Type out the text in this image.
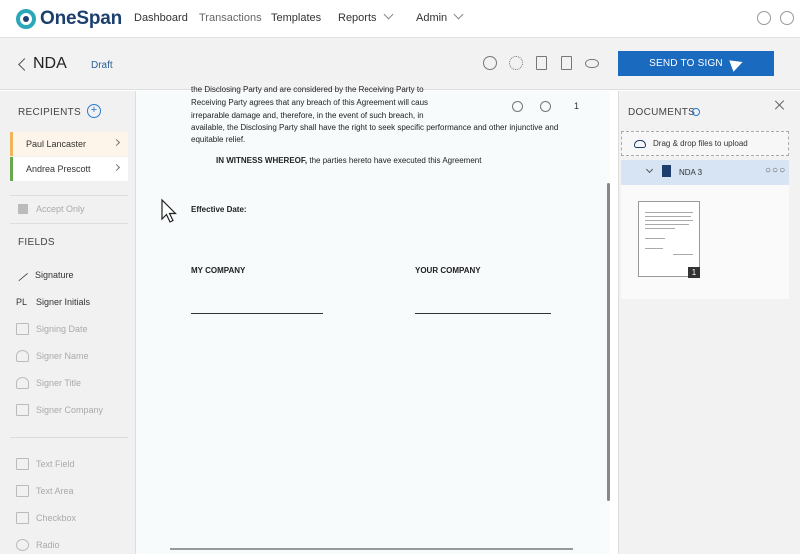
OneSpan Dashboard Transactions Templates Reports	Admin
NDA Draft	SEND TO SIGN
RECIPIENTS +
Paul Lancaster
Andrea Prescott
Accept Only
FIELDS
Signature
PL Signer Initials
Signing Date
Signer Name
Signer Title
Signer Company
Text Field
Text Area
Checkbox
Radio
the Disclosing Party and are considered by the Receiving Party to
Receiving Party agrees that any breach of this Agreement will caus
irreparable damage and, therefore, in the event of such breach, in
available, the Disclosing Party shall have the right to seek specific performance and other injunctive and
equitable relief.
IN WITNESS WHEREOF, the parties hereto have executed this Agreement
Effective Date:
MY COMPANY	YOUR COMPANY
1
DOCUMENTS
Drag & drop files to upload
NDA 3	○○○
1
